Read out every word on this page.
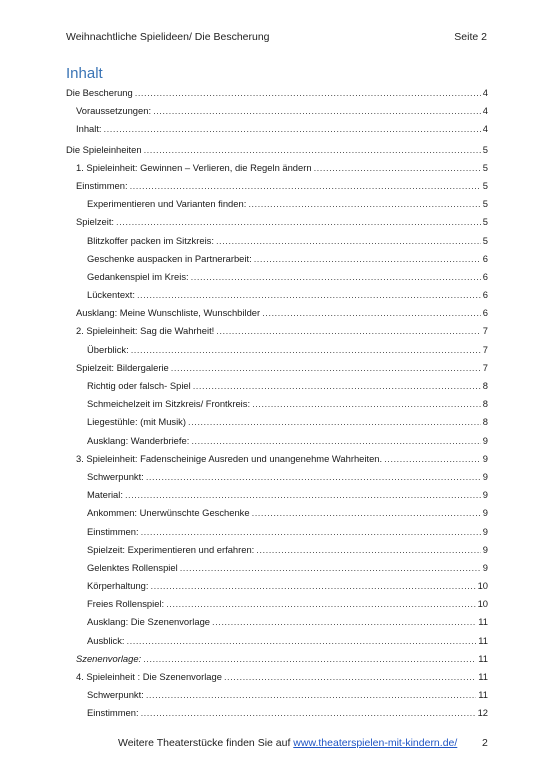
Weihnachtliche Spielideen/ Die Bescherung	Seite 2
Inhalt
Die Bescherung .....	4
Voraussetzungen: .....	4
Inhalt: .....	4
Die Spieleinheiten .....	5
1. Spieleinheit: Gewinnen – Verlieren, die Regeln ändern .....	5
Einstimmen: .....	5
Experimentieren und Varianten finden: .....	5
Spielzeit: .....	5
Blitzkoffer packen im Sitzkreis: .....	5
Geschenke auspacken in Partnerarbeit: .....	6
Gedankenspiel im Kreis: .....	6
Lückentext: .....	6
Ausklang: Meine Wunschliste, Wunschbilder .....	6
2. Spieleinheit: Sag die Wahrheit! .....	7
Überblick: .....	7
Spielzeit: Bildergalerie .....	7
Richtig oder falsch- Spiel .....	8
Schmeichelzeit im Sitzkreis/ Frontkreis: .....	8
Liegestühle: (mit Musik) .....	8
Ausklang: Wanderbriefe: .....	9
3. Spieleinheit: Fadenscheinige Ausreden und unangenehme Wahrheiten. .....	9
Schwerpunkt: .....	9
Material: .....	9
Ankommen: Unerwünschte Geschenke .....	9
Einstimmen: .....	9
Spielzeit: Experimentieren und erfahren: .....	9
Gelenktes Rollenspiel .....	9
Körperhaltung: .....	10
Freies Rollenspiel: .....	10
Ausklang: Die Szenenvorlage .....	11
Ausblick: .....	11
Szenenvorlage: .....	11
4. Spieleinheit : Die Szenenvorlage .....	11
Schwerpunkt: .....	11
Einstimmen: .....	12
Weitere Theaterstücke finden Sie auf www.theaterspielen-mit-kindern.de/ 2
